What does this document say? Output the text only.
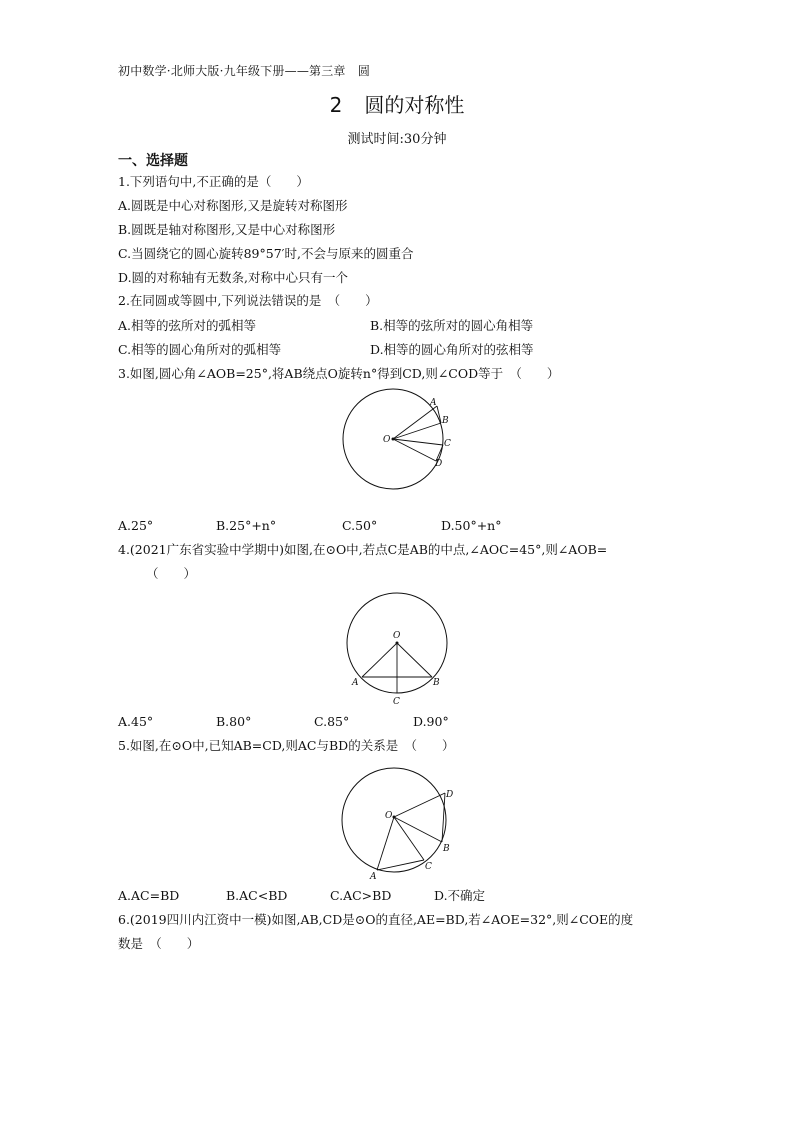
初中数学·北师大版·九年级下册——第三章　圆
2 圆的对称性
测试时间:30分钟
一、选择题
1.下列语句中,不正确的是（　　）
A.圆既是中心对称图形,又是旋转对称图形
B.圆既是轴对称图形,又是中心对称图形
C.当圆绕它的圆心旋转89°57′时,不会与原来的圆重合
D.圆的对称轴有无数条,对称中心只有一个
2.在同圆或等圆中,下列说法错误的是　（　　）
A.相等的弦所对的弧相等	B.相等的弦所对的圆心角相等
C.相等的圆心角所对的弧相等	D.相等的圆心角所对的弦相等
3.如图,圆心角∠AOB=25°,将AB绕点O旋转n°得到CD,则∠COD等于　（　　）
O
A
B
C
D
A.25°	B.25°+n°	C.50°	D.50°+n°
4.(2021广东省实验中学期中)如图,在⊙O中,若点C是AB的中点,∠AOC=45°,则∠AOB=
（　　）
O
A	B
C
A.45°	B.80°	C.85°	D.90°
5.如图,在⊙O中,已知AB=CD,则AC与BD的关系是　（　　）
O
D
B
C
A
A.AC=BD	B.AC<BD	C.AC>BD	D.不确定
6.(2019四川内江资中一模)如图,AB,CD是⊙O的直径,AE=BD,若∠AOE=32°,则∠COE的度
数是　（　　）
